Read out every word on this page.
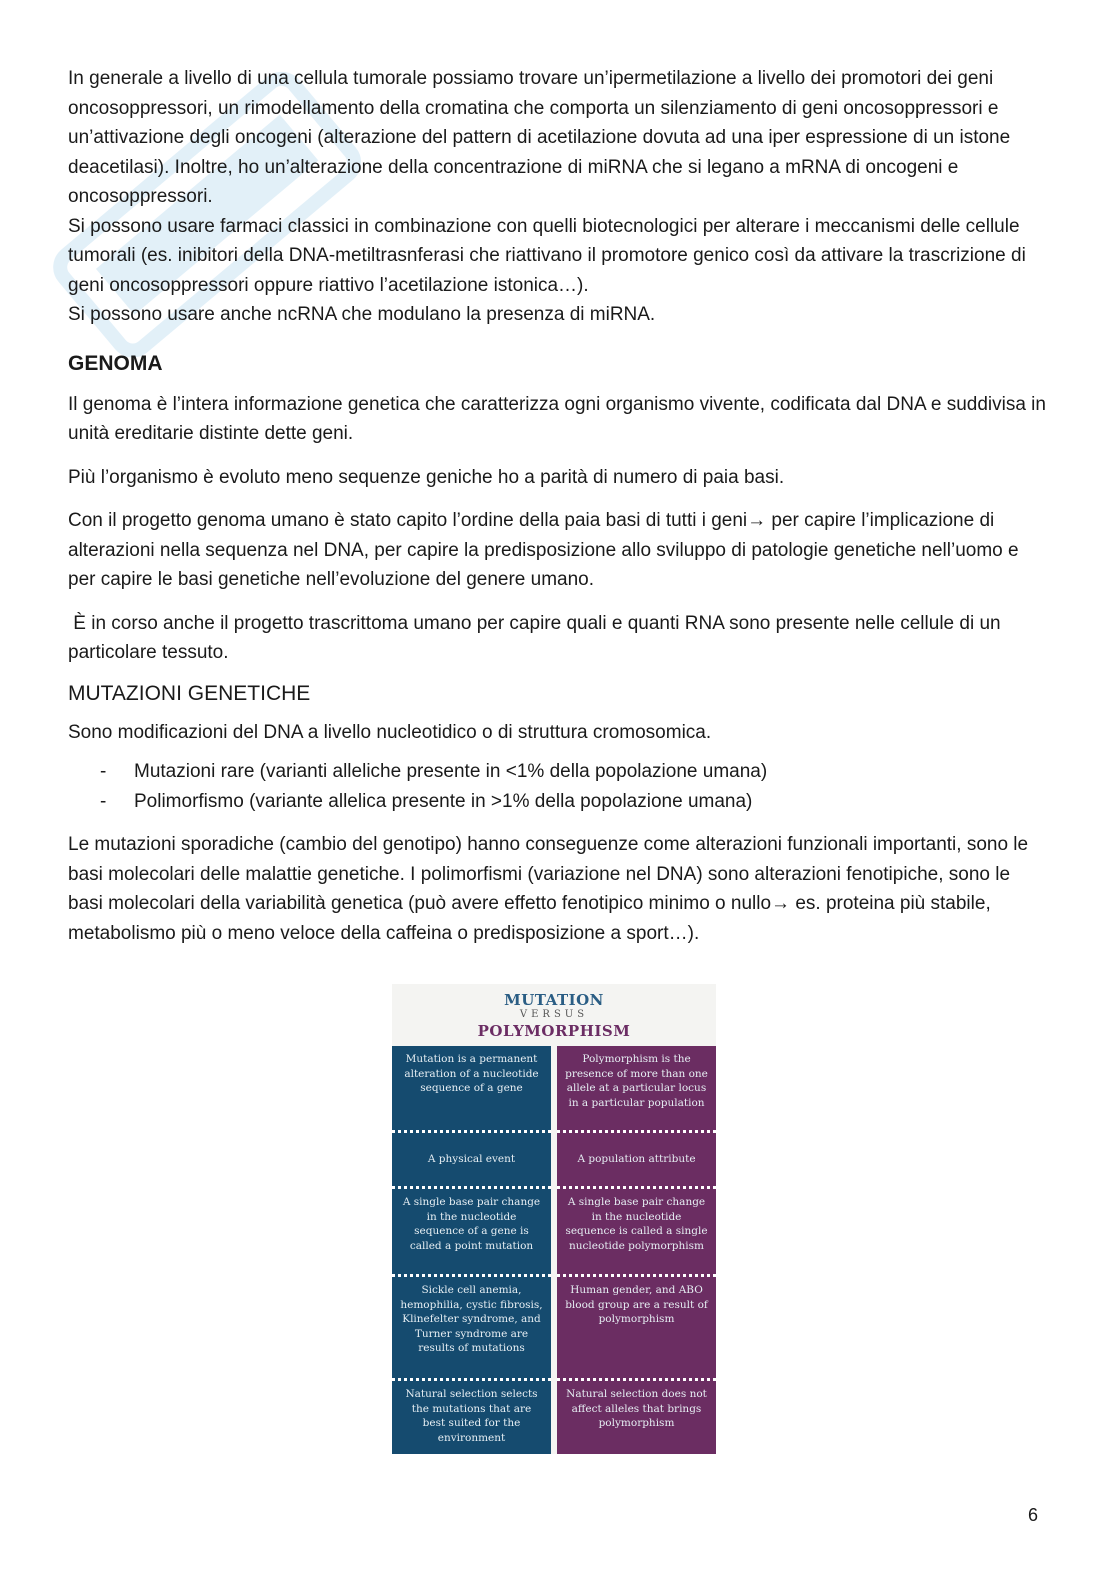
In generale a livello di una cellula tumorale possiamo trovare un’ipermetilazione a livello dei promotori dei geni oncosoppressori, un rimodellamento della cromatina che comporta un silenziamento di geni oncosoppressori e un’attivazione degli oncogeni (alterazione del pattern di acetilazione dovuta ad una iper espressione di un istone deacetilasi). Inoltre, ho un’alterazione della concentrazione di miRNA che si legano a mRNA di oncogeni e oncosoppressori.

Si possono usare farmaci classici in combinazione con quelli biotecnologici per alterare i meccanismi delle cellule tumorali (es. inibitori della DNA-metiltrasnferasi che riattivano il promotore genico così da attivare la trascrizione di geni oncosoppressori oppure riattivo l’acetilazione istonica…).

Si possono usare anche ncRNA che modulano la presenza di miRNA.

GENOMA

Il genoma è l’intera informazione genetica che caratterizza ogni organismo vivente, codificata dal DNA e suddivisa in unità ereditarie distinte dette geni.

Più l’organismo è evoluto meno sequenze geniche ho a parità di numero di paia basi.

Con il progetto genoma umano è stato capito l’ordine della paia basi di tutti i geni→ per capire l’implicazione di alterazioni nella sequenza nel DNA, per capire la predisposizione allo sviluppo di patologie genetiche nell’uomo e per capire le basi genetiche nell’evoluzione del genere umano.

È in corso anche il progetto trascrittoma umano per capire quali e quanti RNA sono presente nelle cellule di un particolare tessuto.

MUTAZIONI GENETICHE

Sono modificazioni del DNA a livello nucleotidico o di struttura cromosomica.

- Mutazioni rare (varianti alleliche presente in <1% della popolazione umana)
- Polimorfismo (variante allelica presente in >1% della popolazione umana)

Le mutazioni sporadiche (cambio del genotipo) hanno conseguenze come alterazioni funzionali importanti, sono le basi molecolari delle malattie genetiche. I polimorfismi (variazione nel DNA) sono alterazioni fenotipiche, sono le basi molecolari della variabilità genetica (può avere effetto fenotipico minimo o nullo→ es. proteina più stabile, metabolismo più o meno veloce della caffeina o predisposizione a sport…).

MUTATION
VERSUS
POLYMORPHISM
Mutation is a permanent alteration of a nucleotide sequence of a gene
A physical event
A single base pair change in the nucleotide sequence of a gene is called a point mutation
Sickle cell anemia, hemophilia, cystic fibrosis, Klinefelter syndrome, and Turner syndrome are results of mutations
Natural selection selects the mutations that are best suited for the environment
Polymorphism is the presence of more than one allele at a particular locus in a particular population
A population attribute
A single base pair change in the nucleotide sequence is called a single nucleotide polymorphism
Human gender, and ABO blood group are a result of polymorphism
Natural selection does not affect alleles that brings polymorphism
6
